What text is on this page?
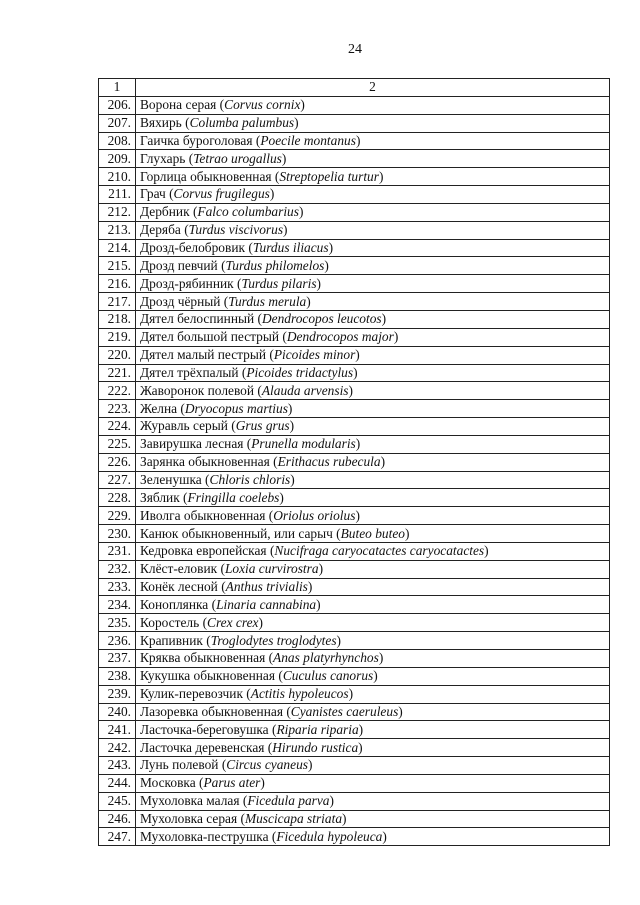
24
1	2
206.	Ворона серая (Corvus cornix)
207.	Вяхирь (Columba palumbus)
208.	Гаичка буроголовая (Poecile montanus)
209.	Глухарь (Tetrao urogallus)
210.	Горлица обыкновенная (Streptopelia turtur)
211.	Грач (Corvus frugilegus)
212.	Дербник (Falco columbarius)
213.	Деряба (Turdus viscivorus)
214.	Дрозд-белобровик (Turdus iliacus)
215.	Дрозд певчий (Turdus philomelos)
216.	Дрозд-рябинник (Turdus pilaris)
217.	Дрозд чёрный (Turdus merula)
218.	Дятел белоспинный (Dendrocopos leucotos)
219.	Дятел большой пестрый (Dendrocopos major)
220.	Дятел малый пестрый (Picoides minor)
221.	Дятел трёхпалый (Picoides tridactylus)
222.	Жаворонок полевой (Alauda arvensis)
223.	Желна (Dryocopus martius)
224.	Журавль серый (Grus grus)
225.	Завирушка лесная (Prunella modularis)
226.	Зарянка обыкновенная (Erithacus rubecula)
227.	Зеленушка (Chloris chloris)
228.	Зяблик (Fringilla coelebs)
229.	Иволга обыкновенная (Oriolus oriolus)
230.	Канюк обыкновенный, или сарыч (Buteo buteo)
231.	Кедровка европейская (Nucifraga caryocatactes caryocatactes)
232.	Клёст-еловик (Loxia curvirostra)
233.	Конёк лесной (Anthus trivialis)
234.	Коноплянка (Linaria cannabina)
235.	Коростель (Crex crex)
236.	Крапивник (Troglodytes troglodytes)
237.	Кряква обыкновенная (Anas platyrhynchos)
238.	Кукушка обыкновенная (Cuculus canorus)
239.	Кулик-перевозчик (Actitis hypoleucos)
240.	Лазоревка обыкновенная (Cyanistes caeruleus)
241.	Ласточка-береговушка (Riparia riparia)
242.	Ласточка деревенская (Hirundo rustica)
243.	Лунь полевой (Circus cyaneus)
244.	Московка (Parus ater)
245.	Мухоловка малая (Ficedula parva)
246.	Мухоловка серая (Muscicapa striata)
247.	Мухоловка-пеструшка (Ficedula hypoleuca)
